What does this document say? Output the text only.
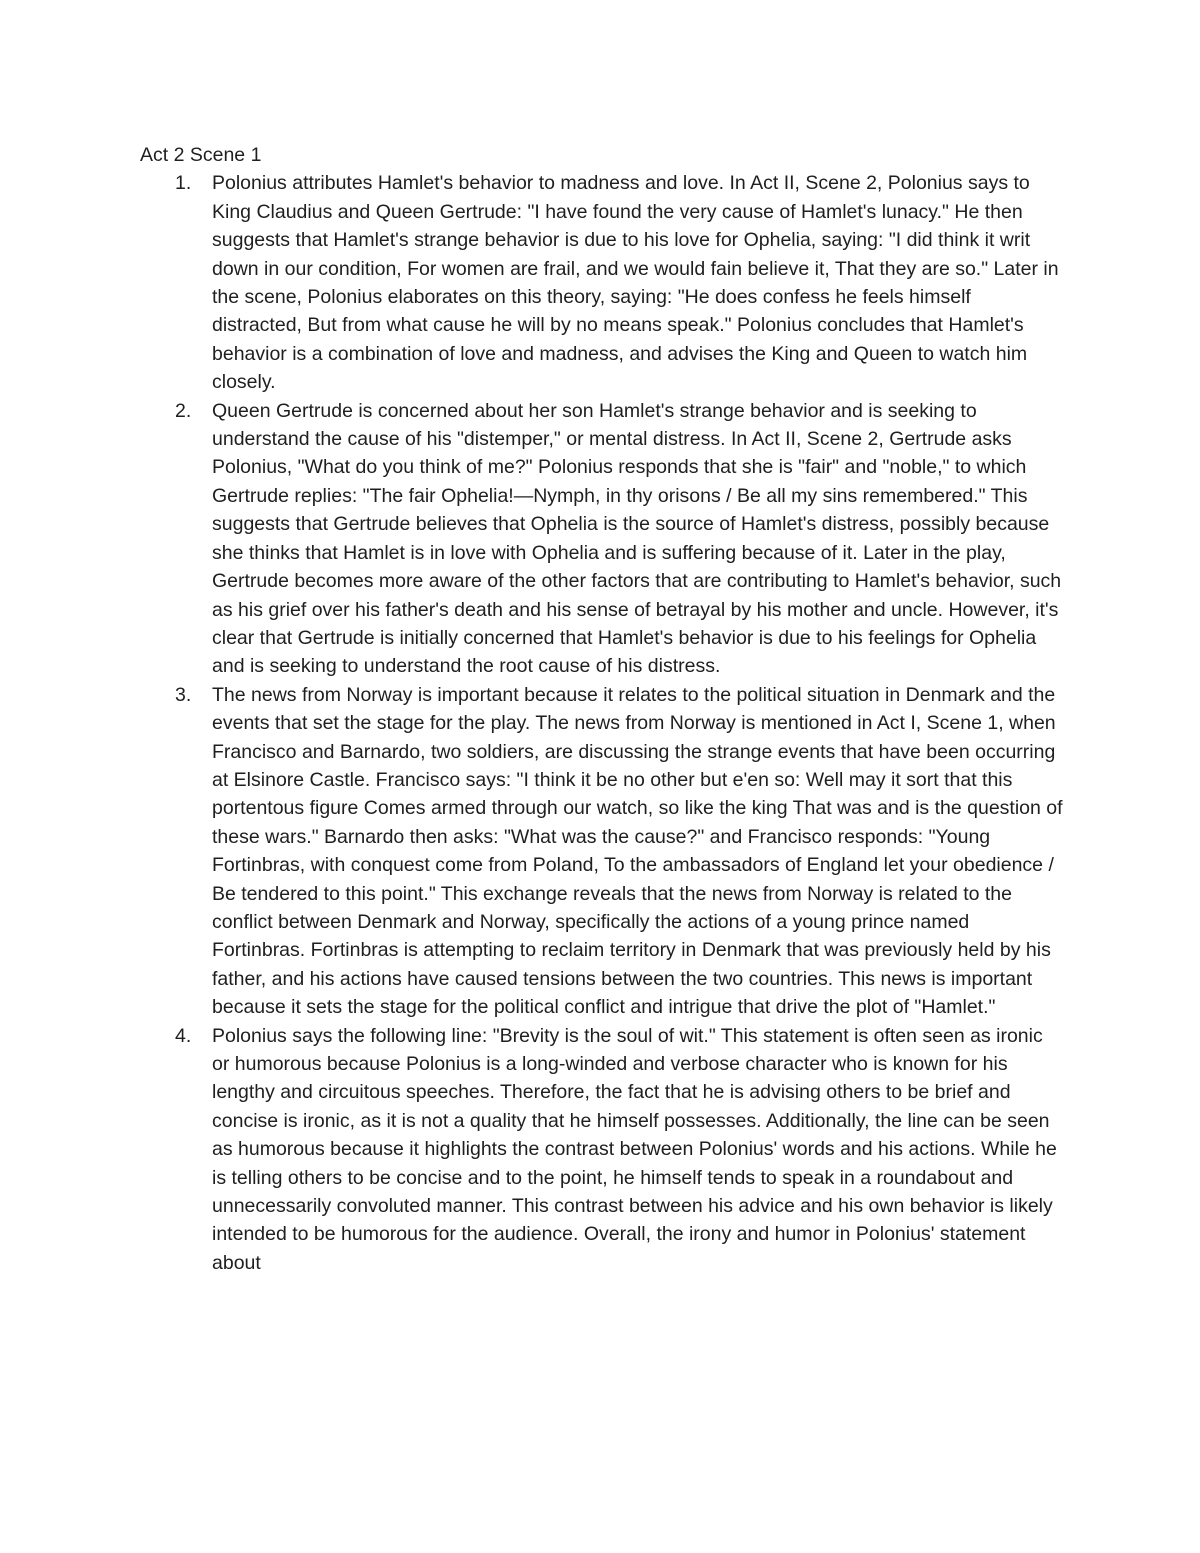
Act 2 Scene 1

1. Polonius attributes Hamlet's behavior to madness and love. In Act II, Scene 2, Polonius says to King Claudius and Queen Gertrude: "I have found the very cause of Hamlet's lunacy." He then suggests that Hamlet's strange behavior is due to his love for Ophelia, saying: "I did think it writ down in our condition, For women are frail, and we would fain believe it, That they are so." Later in the scene, Polonius elaborates on this theory, saying: "He does confess he feels himself distracted, But from what cause he will by no means speak." Polonius concludes that Hamlet's behavior is a combination of love and madness, and advises the King and Queen to watch him closely.
2. Queen Gertrude is concerned about her son Hamlet's strange behavior and is seeking to understand the cause of his "distemper," or mental distress. In Act II, Scene 2, Gertrude asks Polonius, "What do you think of me?" Polonius responds that she is "fair" and "noble," to which Gertrude replies: "The fair Ophelia!—Nymph, in thy orisons / Be all my sins remembered." This suggests that Gertrude believes that Ophelia is the source of Hamlet's distress, possibly because she thinks that Hamlet is in love with Ophelia and is suffering because of it. Later in the play, Gertrude becomes more aware of the other factors that are contributing to Hamlet's behavior, such as his grief over his father's death and his sense of betrayal by his mother and uncle. However, it's clear that Gertrude is initially concerned that Hamlet's behavior is due to his feelings for Ophelia and is seeking to understand the root cause of his distress.
3. The news from Norway is important because it relates to the political situation in Denmark and the events that set the stage for the play. The news from Norway is mentioned in Act I, Scene 1, when Francisco and Barnardo, two soldiers, are discussing the strange events that have been occurring at Elsinore Castle. Francisco says: "I think it be no other but e'en so: Well may it sort that this portentous figure Comes armed through our watch, so like the king That was and is the question of these wars." Barnardo then asks: "What was the cause?" and Francisco responds: "Young Fortinbras, with conquest come from Poland, To the ambassadors of England let your obedience / Be tendered to this point." This exchange reveals that the news from Norway is related to the conflict between Denmark and Norway, specifically the actions of a young prince named Fortinbras. Fortinbras is attempting to reclaim territory in Denmark that was previously held by his father, and his actions have caused tensions between the two countries. This news is important because it sets the stage for the political conflict and intrigue that drive the plot of "Hamlet."
4. Polonius says the following line: "Brevity is the soul of wit." This statement is often seen as ironic or humorous because Polonius is a long-winded and verbose character who is known for his lengthy and circuitous speeches. Therefore, the fact that he is advising others to be brief and concise is ironic, as it is not a quality that he himself possesses. Additionally, the line can be seen as humorous because it highlights the contrast between Polonius' words and his actions. While he is telling others to be concise and to the point, he himself tends to speak in a roundabout and unnecessarily convoluted manner. This contrast between his advice and his own behavior is likely intended to be humorous for the audience. Overall, the irony and humor in Polonius' statement about
